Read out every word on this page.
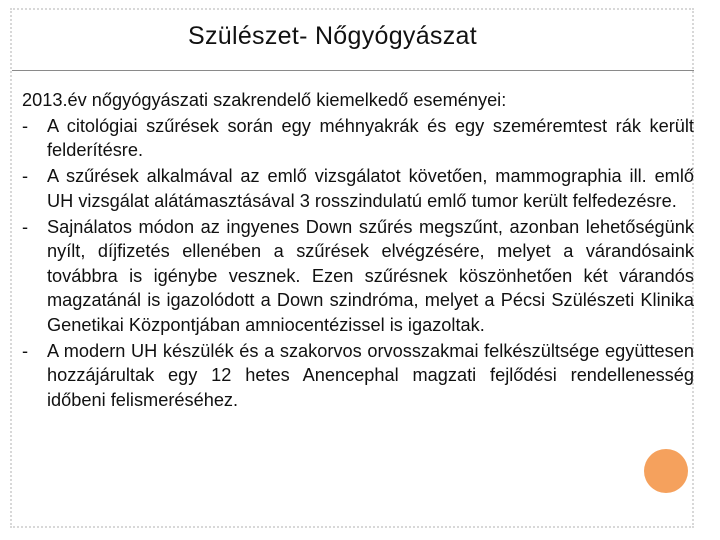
Szülészet- Nőgyógyászat
2013.év nőgyógyászati szakrendelő kiemelkedő eseményei:
- A citológiai szűrések során egy méhnyakrák és egy szeméremtest rák került felderítésre.
- A szűrések alkalmával az emlő vizsgálatot követően, mammographia ill. emlő UH vizsgálat alátámasztásával 3 rosszindulatú emlő tumor került felfedezésre.
- Sajnálatos módon az ingyenes Down szűrés megszűnt, azonban lehetőségünk nyílt, díjfizetés ellenében a szűrések elvégzésére, melyet a várandósaink továbbra is igénybe vesznek. Ezen szűrésnek köszönhetően két várandós magzatánál is igazolódott a Down szindróma, melyet a Pécsi Szülészeti Klinika Genetikai Központjában amniocentézissel is igazoltak.
- A modern UH készülék és a szakorvos orvosszakmai felkészültsége együttesen hozzájárultak egy 12 hetes Anencephal magzati fejlődési rendellenesség időbeni felismeréséhez.
